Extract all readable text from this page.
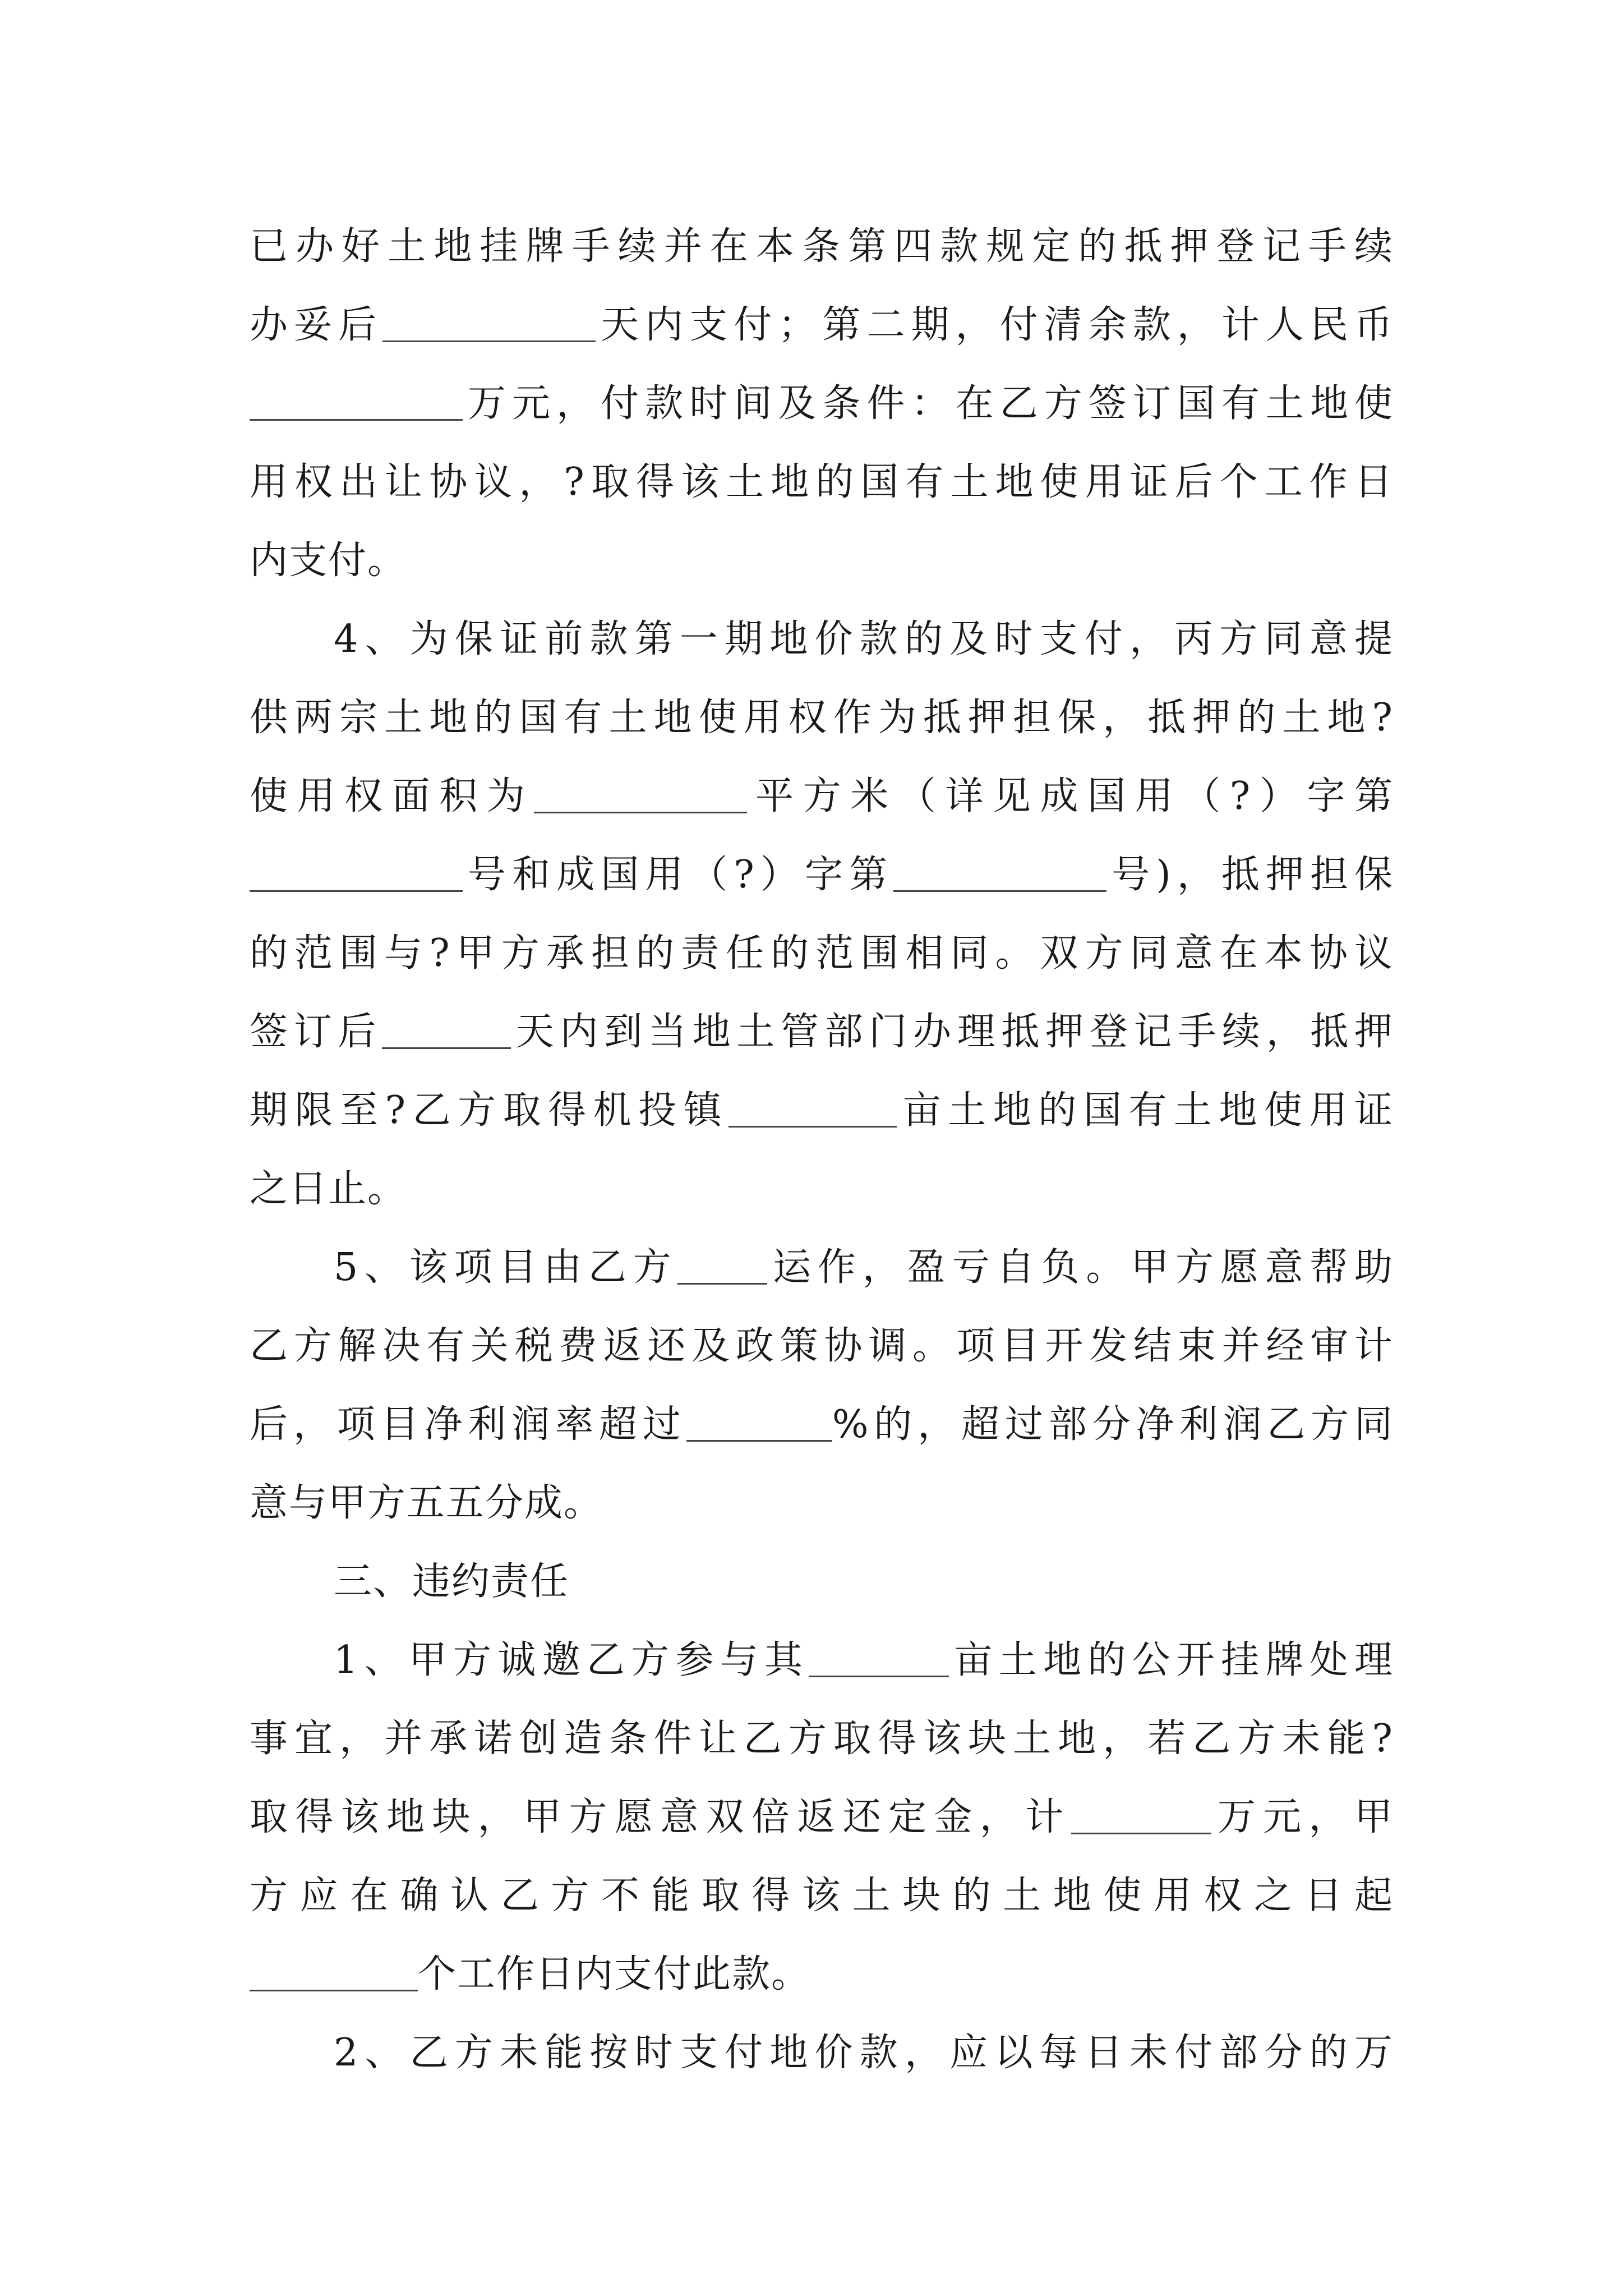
已办好土地挂牌手续并在本条第四款规定的抵押登记手续
办妥后	天内支付；第二期，付清余款，计人民币
万元，付款时间及条件：在乙方签订国有土地使
用权出让协议，?取得该土地的国有土地使用证后个工作日
内支付。
4、为保证前款第一期地价款的及时支付，丙方同意提
供两宗土地的国有土地使用权作为抵押担保，抵押的土地?
使用权面积为	平方米（详见成国用（?）字第
号和成国用（?）字第	号)，抵押担保
的范围与?甲方承担的责任的范围相同。双方同意在本协议
签订后	天内到当地土管部门办理抵押登记手续，抵押
期限至?乙方取得机投镇	亩土地的国有土地使用证
之日止。
5、该项目由乙方 运作，盈亏自负。甲方愿意帮助
乙方解决有关税费返还及政策协调。项目开发结束并经审计
后，项目净利润率超过	%的，超过部分净利润乙方同
意与甲方五五分成。
三、违约责任
1、甲方诚邀乙方参与其	亩土地的公开挂牌处理
事宜，并承诺创造条件让乙方取得该块土地，若乙方未能?
取得该地块，甲方愿意双倍返还定金，计	万元，甲
方应在确认乙方不能取得该土块的土地使用权之日起
个工作日内支付此款。
2、乙方未能按时支付地价款，应以每日未付部分的万
